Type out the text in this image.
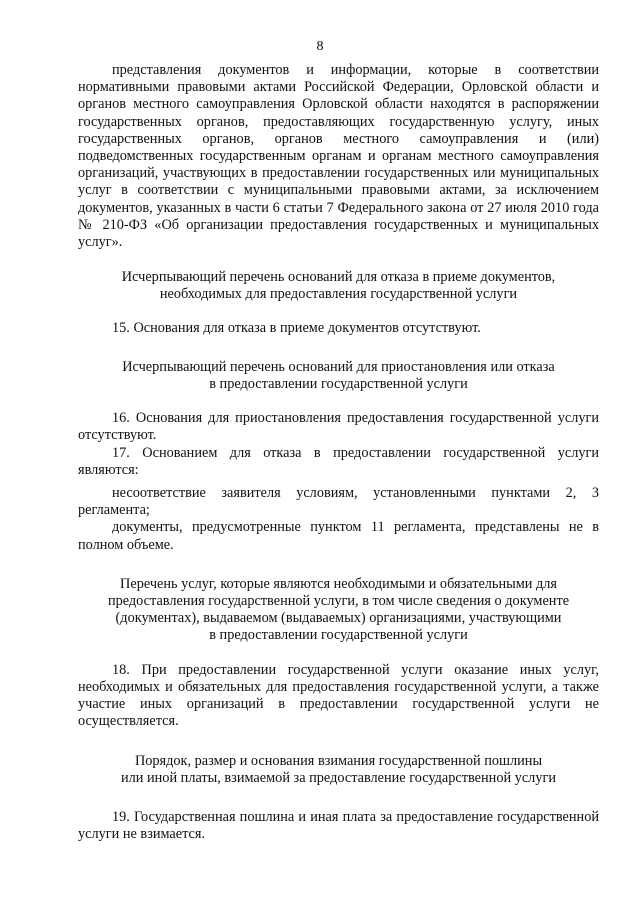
8

представления документов и информации, которые в соответствии нормативными правовыми актами Российской Федерации, Орловской области и органов местного самоуправления Орловской области находятся в распоряжении государственных органов, предоставляющих государственную услугу, иных государственных органов, органов местного самоуправления и (или) подведомственных государственным органам и органам местного самоуправления организаций, участвующих в предоставлении государственных или муниципальных услуг в соответствии с муниципальными правовыми актами, за исключением документов, указанных в части 6 статьи 7 Федерального закона от 27 июля 2010 года № 210-ФЗ «Об организации предоставления государственных и муниципальных услуг».

Исчерпывающий перечень оснований для отказа в приеме документов,
необходимых для предоставления государственной услуги

15. Основания для отказа в приеме документов отсутствуют.

Исчерпывающий перечень оснований для приостановления или отказа
в предоставлении государственной услуги

16. Основания для приостановления предоставления государственной услуги отсутствуют.

17. Основанием для отказа в предоставлении государственной услуги являются:

несоответствие заявителя условиям, установленными пунктами 2, 3 регламента;

документы, предусмотренные пунктом 11 регламента, представлены не в полном объеме.

Перечень услуг, которые являются необходимыми и обязательными для
предоставления государственной услуги, в том числе сведения о документе
(документах), выдаваемом (выдаваемых) организациями, участвующими
в предоставлении государственной услуги

18. При предоставлении государственной услуги оказание иных услуг, необходимых и обязательных для предоставления государственной услуги, а также участие иных организаций в предоставлении государственной услуги не осуществляется.

Порядок, размер и основания взимания государственной пошлины
или иной платы, взимаемой за предоставление государственной услуги

19. Государственная пошлина и иная плата за предоставление государственной услуги не взимается.
